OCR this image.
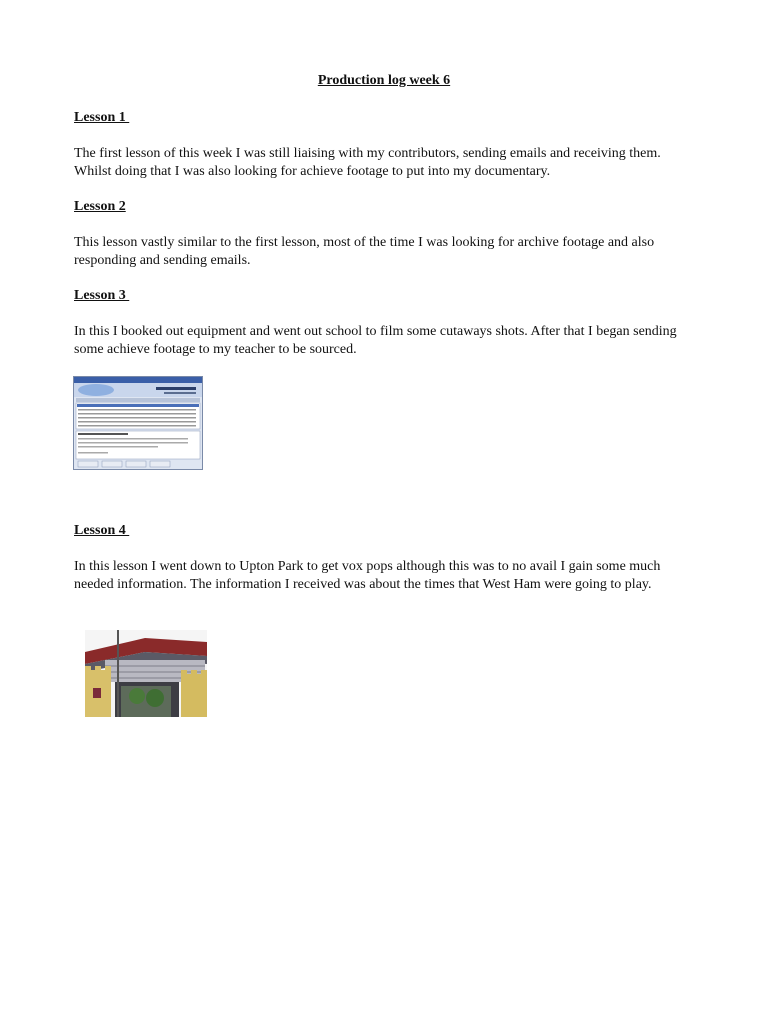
Production log week 6
Lesson 1
The first lesson of this week I was still liaising with my contributors, sending emails and receiving them. Whilst doing that I was also looking for achieve footage to put into my documentary.
Lesson 2
This lesson vastly similar to the first lesson, most of the time I was looking for archive footage and also responding and sending emails.
Lesson 3
In this I booked out equipment and went out school to film some cutaways shots. After that I began sending some achieve footage to my teacher to be sourced.
Lesson 4
In this lesson I went down to Upton Park to get vox pops although this was to no avail I gain some much needed information. The information I received was about the times that West Ham were going to play.
